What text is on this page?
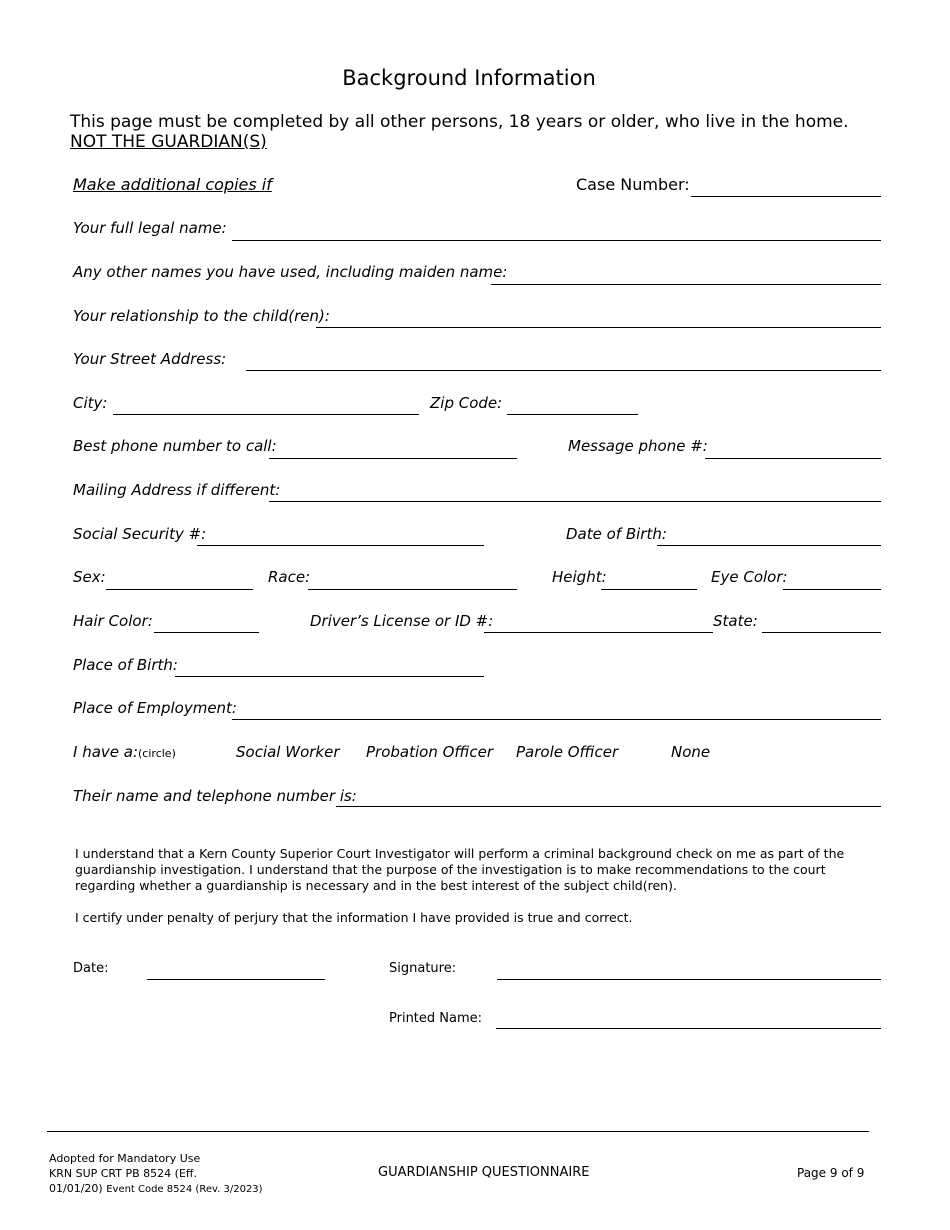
Background Information
This page must be completed by all other persons, 18 years or older, who live in the home.  NOT THE GUARDIAN(S)
Make additional copies if	Case Number:
Your full legal name:
Any other names you have used, including maiden name:
Your relationship to the child(ren):
Your Street Address:
City:	Zip Code:
Best phone number to call:	Message phone #:
Mailing Address if different:
Social Security #:	Date of Birth:
Sex:	Race:	Height:	Eye Color:
Hair Color:	Driver’s License or ID #:	State:
Place of Birth:
Place of Employment:
I have a:(circle)	Social Worker Probation Officer Parole Officer	None
Their name and telephone number is:
I understand that a Kern County Superior Court Investigator will perform a criminal background check on me as part of the guardianship investigation. I understand that the purpose of the investigation is to make recommendations to the court regarding whether a guardianship is necessary and in the best interest of the subject child(ren).
I certify under penalty of perjury that the information I have provided is true and correct.
Date:	Signature:
Printed Name:
Adopted for Mandatory Use
KRN SUP CRT PB 8524 (Eff.
01/01/20) Event Code 8524 (Rev. 3/2023)
GUARDIANSHIP QUESTIONNAIRE	Page 9 of 9
